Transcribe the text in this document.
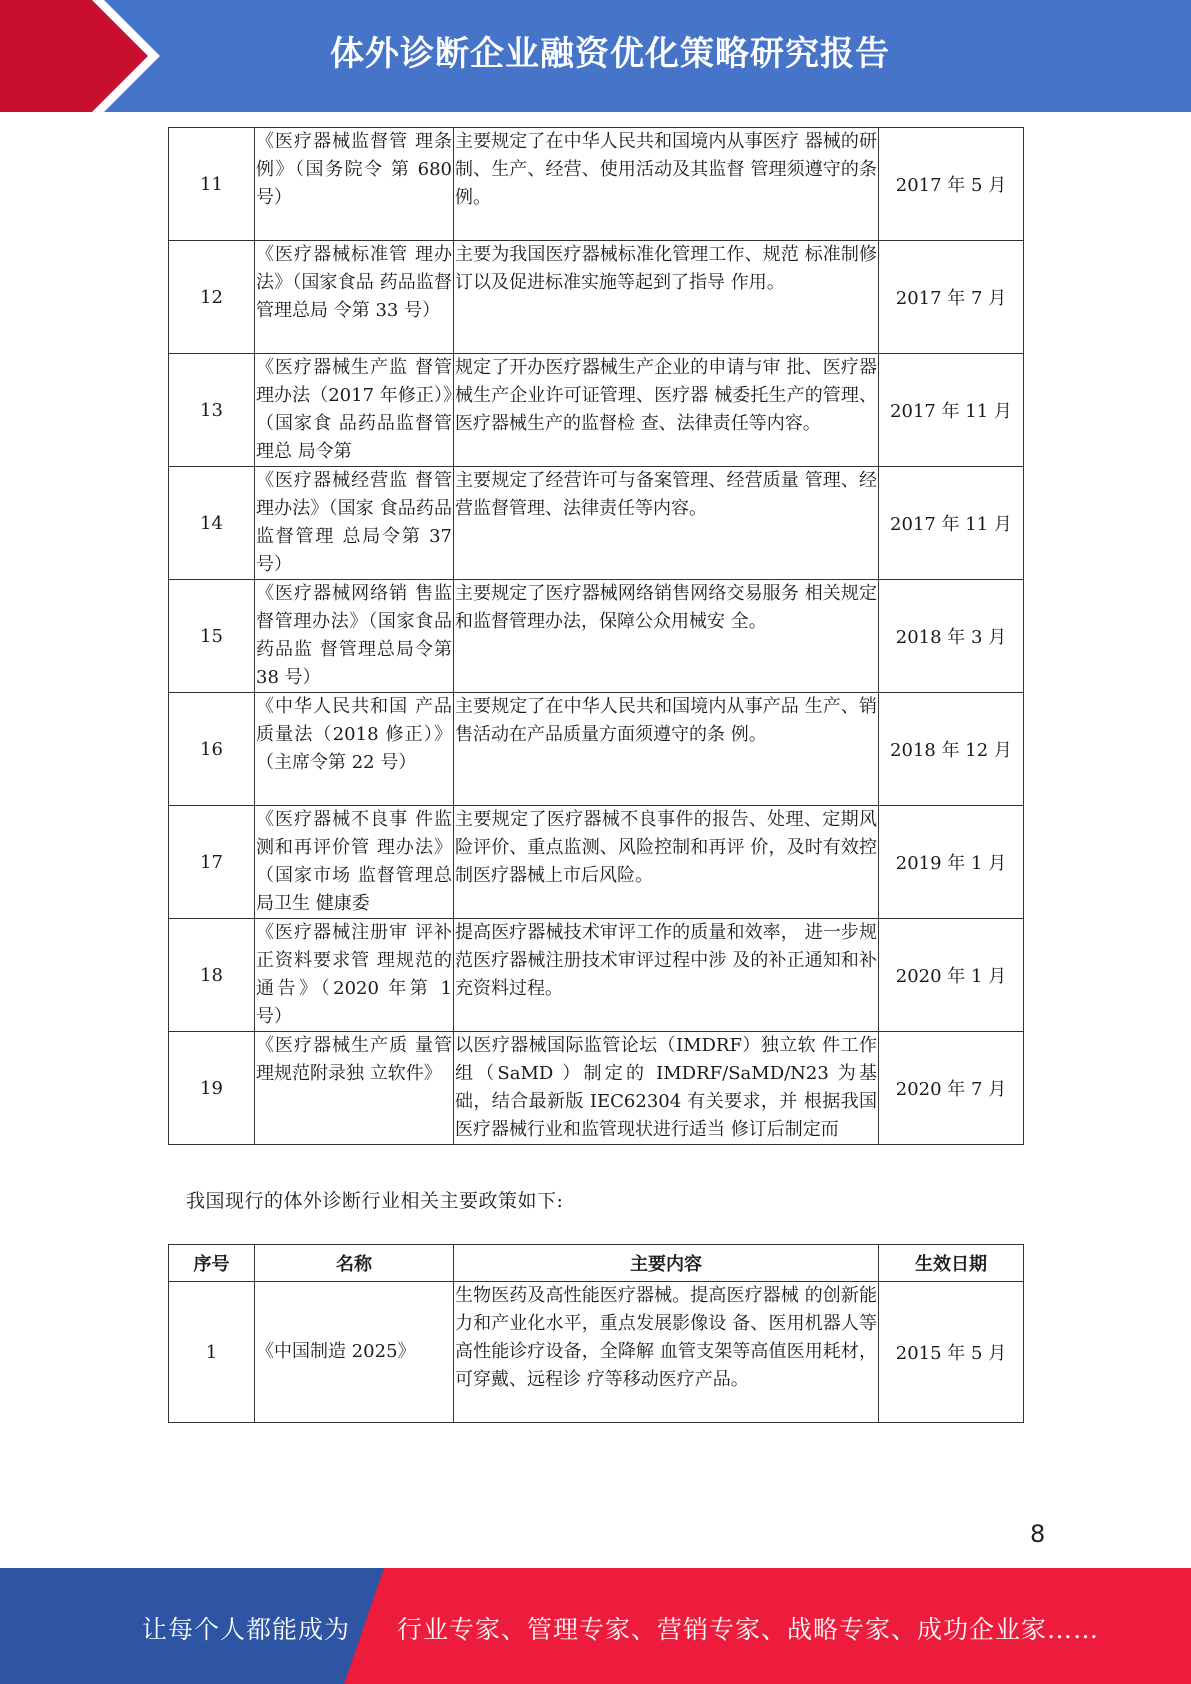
体外诊断企业融资优化策略研究报告
11	《医疗器械监督管 理条例》（国务院令 第 680 号）	主要规定了在中华人民共和国境内从事医疗 器械的研制、生产、经营、使用活动及其监督 管理须遵守的条例。	2017 年 5 月
12	《医疗器械标准管 理办法》（国家食品 药品监督管理总局 令第 33 号）	主要为我国医疗器械标准化管理工作、规范 标准制修订以及促进标准实施等起到了指导 作用。	2017 年 7 月
13	《医疗器械生产监 督管理办法（2017 年修正）》（国家食 品药品监督管理总 局令第	规定了开办医疗器械生产企业的申请与审 批、医疗器械生产企业许可证管理、医疗器 械委托生产的管理、医疗器械生产的监督检 查、法律责任等内容。	2017 年 11 月
14	《医疗器械经营监 督管理办法》（国家 食品药品监督管理 总局令第 37 号）	主要规定了经营许可与备案管理、经营质量 管理、经营监督管理、法律责任等内容。	2017 年 11 月
15	《医疗器械网络销 售监督管理办法》（国家食品药品监 督管理总局令第 38 号）	主要规定了医疗器械网络销售网络交易服务 相关规定和监督管理办法，保障公众用械安 全。	2018 年 3 月
16	《中华人民共和国 产品质量法（2018 修正）》（主席令第 22 号）	主要规定了在中华人民共和国境内从事产品 生产、销售活动在产品质量方面须遵守的条 例。	2018 年 12 月
17	《医疗器械不良事 件监测和再评价管 理办法》（国家市场 监督管理总局卫生 健康委	主要规定了医疗器械不良事件的报告、处理、定期风险评价、重点监测、风险控制和再评 价，及时有效控制医疗器械上市后风险。	2019 年 1 月
18	《医疗器械注册审 评补正资料要求管 理规范的通告》（2020 年第 1 号）	提高医疗器械技术审评工作的质量和效率， 进一步规范医疗器械注册技术审评过程中涉 及的补正通知和补充资料过程。	2020 年 1 月
19	《医疗器械生产质 量管理规范附录独 立软件》	以医疗器械国际监管论坛（IMDRF）独立软 件工作组（SaMD ）制定的 IMDRF/SaMD/N23 为基础，结合最新版 IEC62304 有关要求，并 根据我国医疗器械行业和监管现状进行适当 修订后制定而	2020 年 7 月
我国现行的体外诊断行业相关主要政策如下:
序号	名称	主要内容	生效日期
1	《中国制造 2025》	生物医药及高性能医疗器械。提高医疗器械 的创新能力和产业化水平，重点发展影像设 备、医用机器人等高性能诊疗设备，全降解 血管支架等高值医用耗材，可穿戴、远程诊 疗等移动医疗产品。	2015 年 5 月
8
让每个人都能成为 行业专家、管理专家、营销专家、战略专家、成功企业家……
